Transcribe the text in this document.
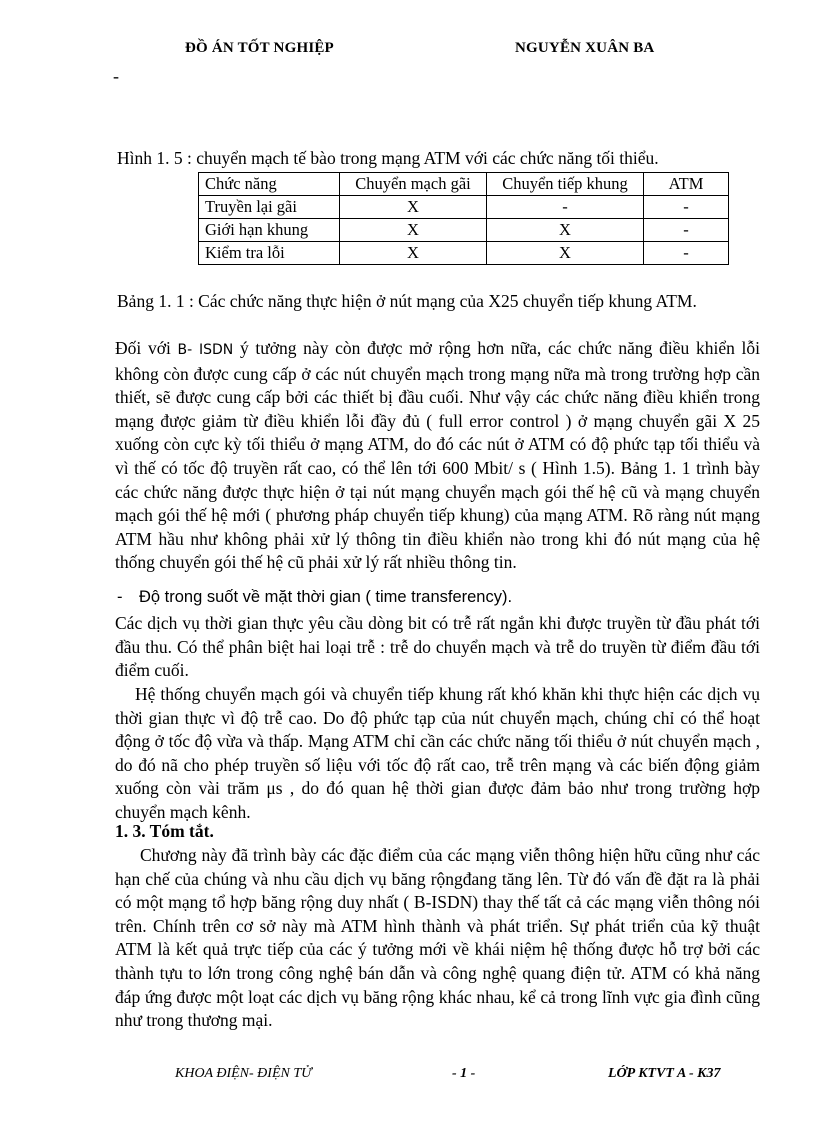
ĐỒ ÁN TỐT NGHIỆP	NGUYỄN XUÂN BA
-
Hình 1. 5 : chuyển mạch tế bào trong mạng ATM với các chức năng tối thiểu.
Chức năng	Chuyển mạch gãi	Chuyển tiếp khung	ATM
Truyền lại gãi	X	-	-
Giới hạn khung	X	X	-
Kiểm tra lỗi	X	X	-
Bảng 1. 1 : Các chức năng thực hiện ở nút mạng của X25 chuyển tiếp khung ATM.
Đối với B- ISDN ý tưởng này còn được mở rộng hơn nữa, các chức năng điều khiển lỗi không còn được cung cấp ở các nút chuyển mạch trong mạng nữa mà trong trường hợp cần thiết, sẽ được cung cấp bởi các thiết bị đầu cuối. Như vậy các chức năng điều khiển trong mạng được giảm từ điều khiển lỗi đầy đủ ( full error control ) ở mạng chuyển gãi X 25 xuống còn cực kỳ tối thiểu ở mạng ATM, do đó các nút ở ATM có độ phức tạp tối thiểu và vì thế có tốc độ truyền rất cao, có thể lên tới 600 Mbit/ s ( Hình 1.5). Bảng 1. 1 trình bày các chức năng được thực hiện ở tại nút mạng chuyển mạch gói thế hệ cũ và mạng chuyển mạch gói thế hệ mới ( phương pháp chuyển tiếp khung) của mạng ATM. Rõ ràng nút mạng ATM hầu như không phải xử lý thông tin điều khiển nào trong khi đó nút mạng của hệ thống chuyển gói thế hệ cũ phải xử lý rất nhiều thông tin.
- Độ trong suốt về mặt thời gian ( time transferency).
Các dịch vụ thời gian thực yêu cầu dòng bit có trễ rất ngắn khi được truyền từ đầu phát tới đầu thu. Có thể phân biệt hai loại trễ : trễ do chuyển mạch và trễ do truyền từ điểm đầu tới điểm cuối.
Hệ thống chuyển mạch gói và chuyển tiếp khung rất khó khăn khi thực hiện các dịch vụ thời gian thực vì độ trễ cao. Do độ phức tạp của nút chuyển mạch, chúng chỉ có thể hoạt động ở tốc độ vừa và thấp. Mạng ATM chỉ cần các chức năng tối thiểu ở nút chuyển mạch , do đó nã cho phép truyền số liệu với tốc độ rất cao, trễ trên mạng và các biến động giảm xuống còn vài trăm μs , do đó quan hệ thời gian được đảm bảo như trong trường hợp chuyển mạch kênh.
1. 3. Tóm tắt.
Chương này đã trình bày các đặc điểm của các mạng viễn thông hiện hữu cũng như các hạn chế của chúng và nhu cầu dịch vụ băng rộngđang tăng lên. Từ đó vấn đề đặt ra là phải có một mạng tổ hợp băng rộng duy nhất ( B-ISDN) thay thế tất cả các mạng viễn thông nói trên. Chính trên cơ sở này mà ATM hình thành và phát triển. Sự phát triển của kỹ thuật ATM là kết quả trực tiếp của các ý tưởng mới về khái niệm hệ thống được hỗ trợ bởi các thành tựu to lớn trong công nghệ bán dẫn và công nghệ quang điện tử. ATM có khả năng đáp ứng được một loạt các dịch vụ băng rộng khác nhau, kể cả trong lĩnh vực gia đình cũng như trong thương mại.
KHOA ĐIỆN- ĐIỆN TỬ	- 1 -	LỚP KTVT A - K37
